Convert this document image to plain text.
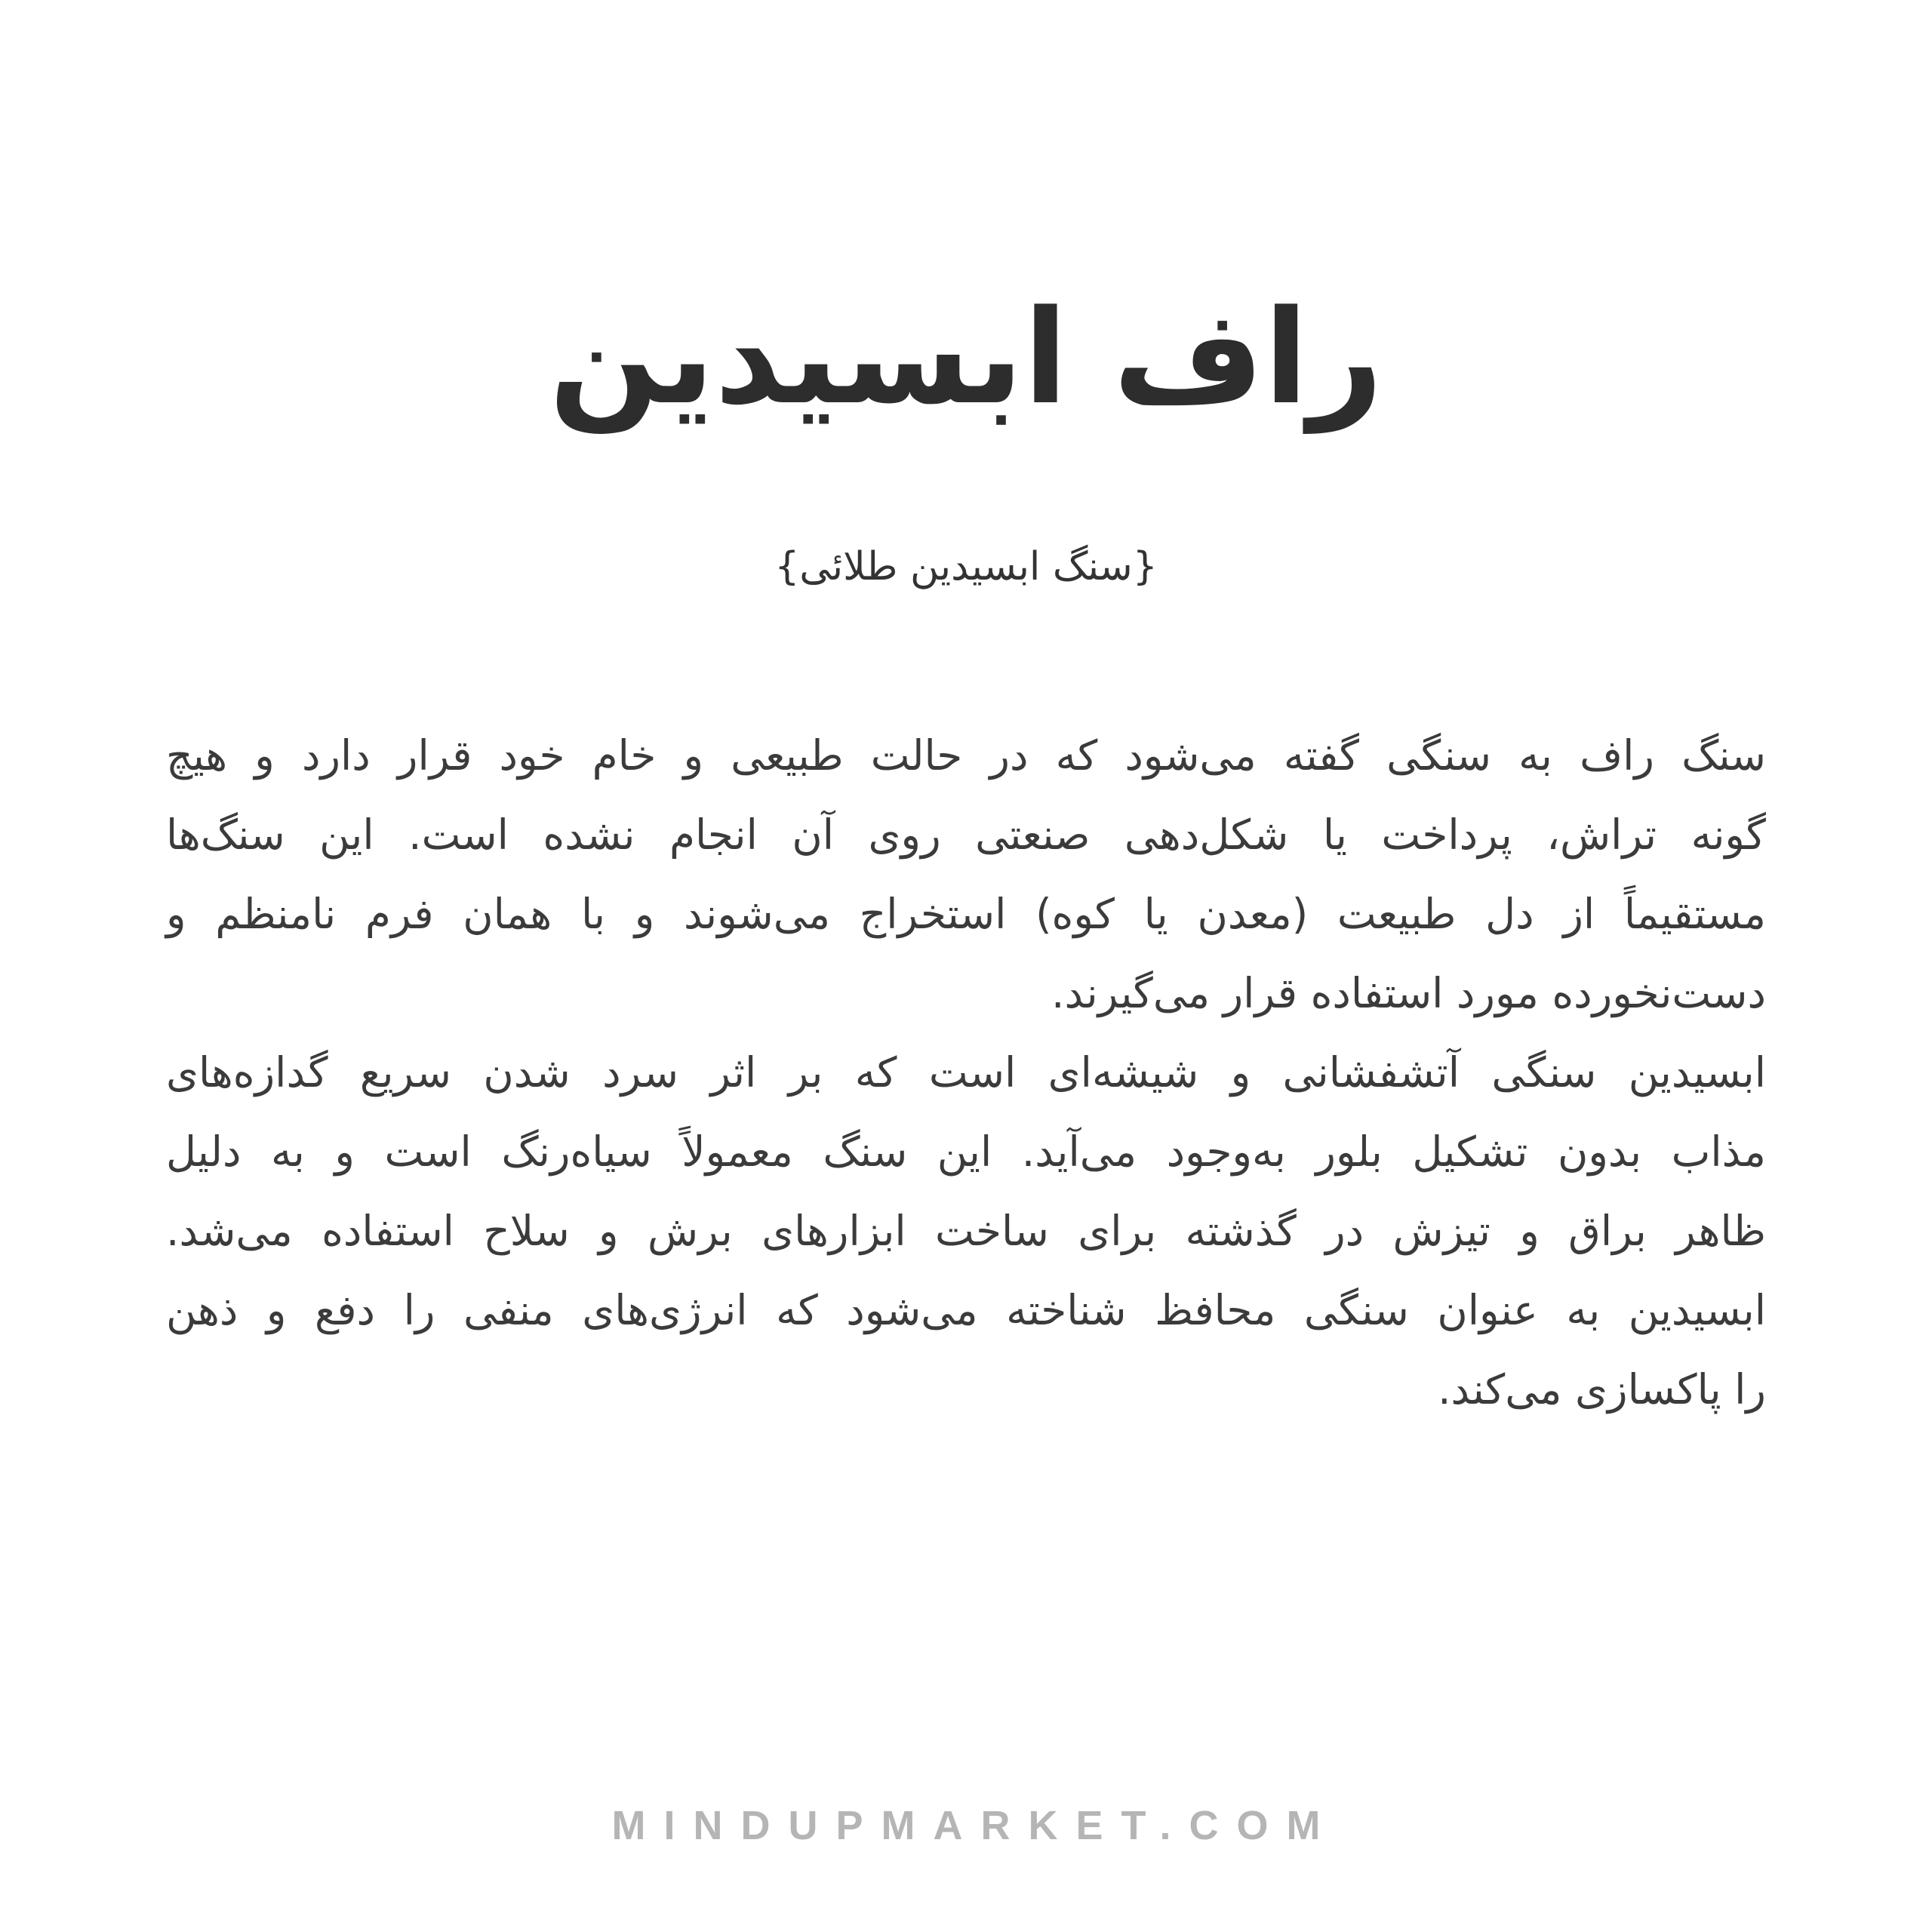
راف ابسیدین
{سنگ ابسیدین طلائی}
سنگ راف به سنگی گفته می‌شود که در حالت طبیعی و خام خود قرار دارد و هیچ
گونه تراش، پرداخت یا شکل‌دهی صنعتی روی آن انجام نشده است. این سنگ‌ها
مستقیماً از دل طبیعت (معدن یا کوه) استخراج می‌شوند و با همان فرم نامنظم و
دست‌نخورده مورد استفاده قرار می‌گیرند.
ابسیدین سنگی آتشفشانی و شیشه‌ای است که بر اثر سرد شدن سریع گدازه‌های
مذاب بدون تشکیل بلور به‌وجود می‌آید. این سنگ معمولاً سیاه‌رنگ است و به دلیل
ظاهر براق و تیزش در گذشته برای ساخت ابزارهای برش و سلاح استفاده می‌شد.
ابسیدین به عنوان سنگی محافظ شناخته می‌شود که انرژی‌های منفی را دفع و ذهن
را پاکسازی می‌کند.
MINDUPMARKET.COM
